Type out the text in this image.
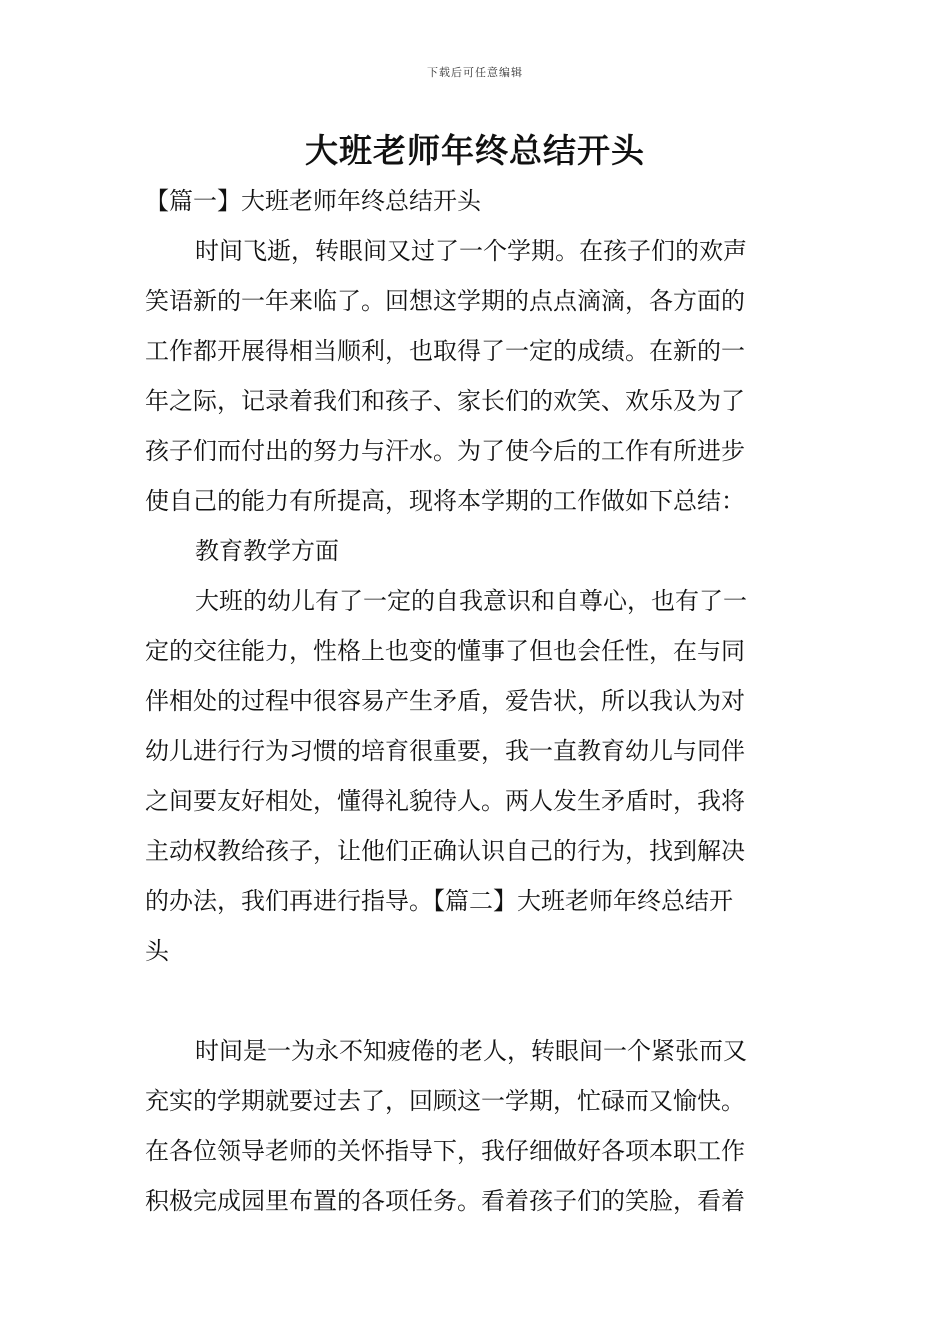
下载后可任意编辑
大班老师年终总结开头
【篇一】大班老师年终总结开头
时间飞逝，转眼间又过了一个学期。在孩子们的欢声
笑语新的一年来临了。回想这学期的点点滴滴，各方面的
工作都开展得相当顺利，也取得了一定的成绩。在新的一
年之际，记录着我们和孩子、家长们的欢笑、欢乐及为了
孩子们而付出的努力与汗水。为了使今后的工作有所进步
使自己的能力有所提高，现将本学期的工作做如下总结：
教育教学方面
大班的幼儿有了一定的自我意识和自尊心，也有了一
定的交往能力，性格上也变的懂事了但也会任性，在与同
伴相处的过程中很容易产生矛盾，爱告状，所以我认为对
幼儿进行行为习惯的培育很重要，我一直教育幼儿与同伴
之间要友好相处，懂得礼貌待人。两人发生矛盾时，我将
主动权教给孩子，让他们正确认识自己的行为，找到解决
的办法，我们再进行指导。【篇二】大班老师年终总结开
头
时间是一为永不知疲倦的老人，转眼间一个紧张而又
充实的学期就要过去了，回顾这一学期，忙碌而又愉快。
在各位领导老师的关怀指导下，我仔细做好各项本职工作
积极完成园里布置的各项任务。看着孩子们的笑脸，看着
